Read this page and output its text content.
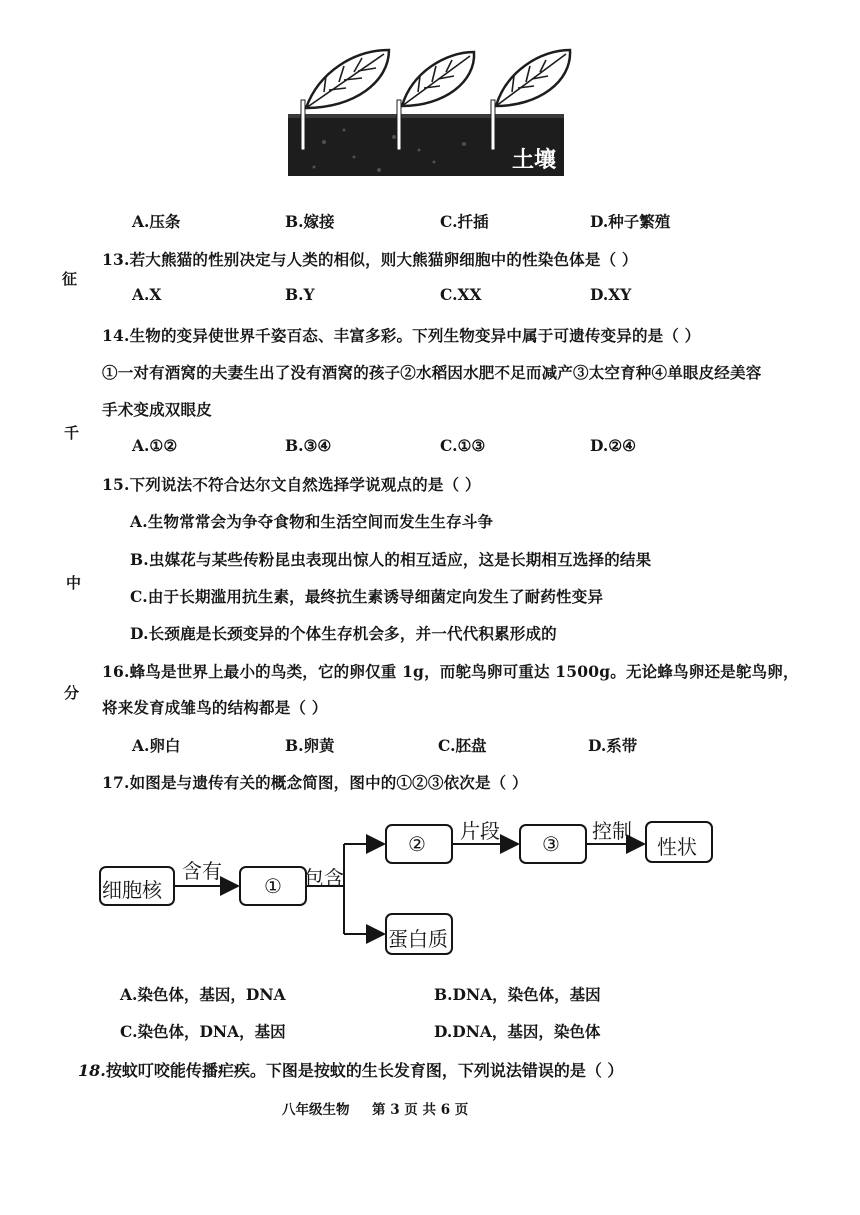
土壤
A.压条	B.嫁接	C.扦插	D.种子繁殖
征
千
中
分
13.若大熊猫的性别决定与人类的相似，则大熊猫卵细胞中的性染色体是（ ）
A.X	B.Y	C.XX	D.XY
14.生物的变异使世界千姿百态、丰富多彩。下列生物变异中属于可遗传变异的是（ ）
①一对有酒窝的夫妻生出了没有酒窝的孩子②水稻因水肥不足而减产③太空育种④单眼皮经美容
手术变成双眼皮
A.①②	B.③④	C.①③	D.②④
15.下列说法不符合达尔文自然选择学说观点的是（ ）
A.生物常常会为争夺食物和生活空间而发生生存斗争
B.虫媒花与某些传粉昆虫表现出惊人的相互适应，这是长期相互选择的结果
C.由于长期滥用抗生素，最终抗生素诱导细菌定向发生了耐药性变异
D.长颈鹿是长颈变异的个体生存机会多，并一代代积累形成的
16.蜂鸟是世界上最小的鸟类，它的卵仅重 1g，而鸵鸟卵可重达 1500g。无论蜂鸟卵还是鸵鸟卵，
将来发育成雏鸟的结构都是（ ）
A.卵白	B.卵黄	C.胚盘	D.系带
17.如图是与遗传有关的概念简图，图中的①②③依次是（ ）
细胞核
含有
① 包含
②
片段
③
控制
性状
蛋白质
A.染色体，基因，DNA	B.DNA，染色体，基因
C.染色体，DNA，基因	D.DNA，基因，染色体
18.按蚊叮咬能传播疟疾。下图是按蚊的生长发育图，下列说法错误的是（ ）
八年级生物 第 3 页 共 6 页
